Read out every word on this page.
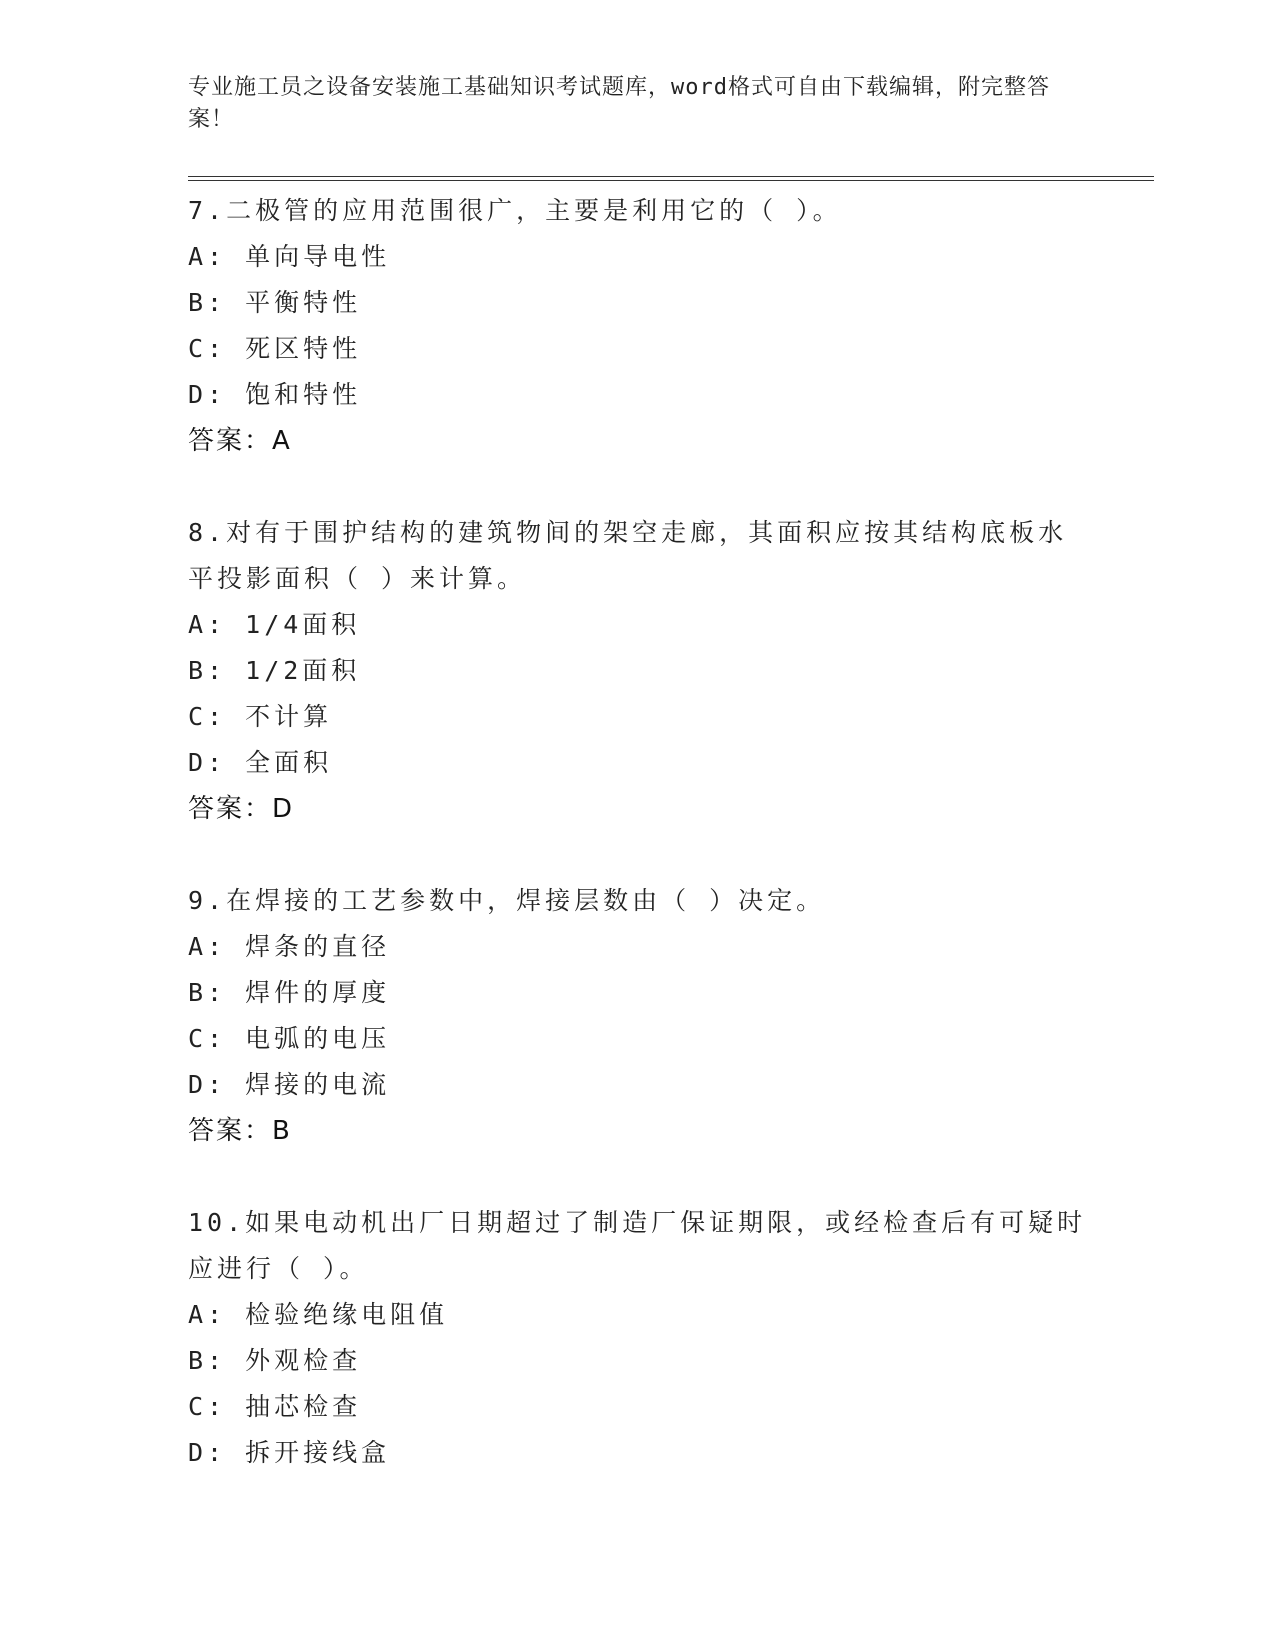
专业施工员之设备安装施工基础知识考试题库，word格式可自由下载编辑，附完整答案！
7.二极管的应用范围很广，主要是利用它的（ ）。
A: 单向导电性
B: 平衡特性
C: 死区特性
D: 饱和特性
答案：A
8.对有于围护结构的建筑物间的架空走廊，其面积应按其结构底板水平投影面积（ ）来计算。
A: 1/4面积
B: 1/2面积
C: 不计算
D: 全面积
答案：D
9.在焊接的工艺参数中，焊接层数由（ ）决定。
A: 焊条的直径
B: 焊件的厚度
C: 电弧的电压
D: 焊接的电流
答案：B
10.如果电动机出厂日期超过了制造厂保证期限，或经检查后有可疑时应进行（ ）。
A: 检验绝缘电阻值
B: 外观检查
C: 抽芯检查
D: 拆开接线盒
